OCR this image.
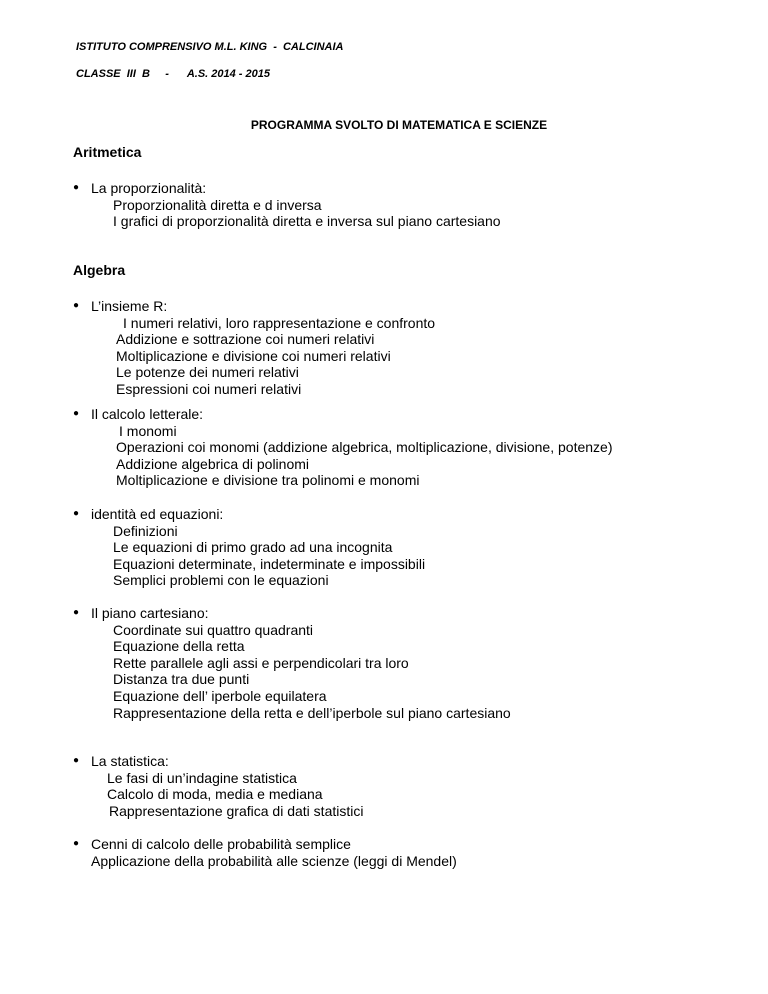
ISTITUTO COMPRENSIVO M.L. KING  -  CALCINAIA
CLASSE  III  B     -      A.S. 2014 - 2015
PROGRAMMA SVOLTO DI MATEMATICA E SCIENZE
Aritmetica
● La proporzionalità:
Proporzionalità diretta e d inversa
I grafici di proporzionalità diretta e inversa sul piano cartesiano
Algebra
● L’insieme R:
I numeri relativi, loro rappresentazione e confronto
Addizione e sottrazione coi numeri relativi
Moltiplicazione e divisione coi numeri relativi
Le potenze dei numeri relativi
Espressioni coi numeri relativi
● Il calcolo letterale:
I monomi
Operazioni coi monomi (addizione algebrica, moltiplicazione, divisione, potenze)
Addizione algebrica di polinomi
Moltiplicazione e divisione tra polinomi e monomi
● identità ed equazioni:
Definizioni
Le equazioni di primo grado ad una incognita
Equazioni determinate, indeterminate e impossibili
Semplici problemi con le equazioni
● Il piano cartesiano:
Coordinate sui quattro quadranti
Equazione della retta
Rette parallele agli assi e perpendicolari tra loro
Distanza tra due punti
Equazione dell’ iperbole equilatera
Rappresentazione della retta e dell’iperbole sul piano cartesiano
● La statistica:
Le fasi di un’indagine statistica
Calcolo di moda, media e mediana
Rappresentazione grafica di dati statistici
● Cenni di calcolo delle probabilità semplice
Applicazione della probabilità alle scienze (leggi di Mendel)
